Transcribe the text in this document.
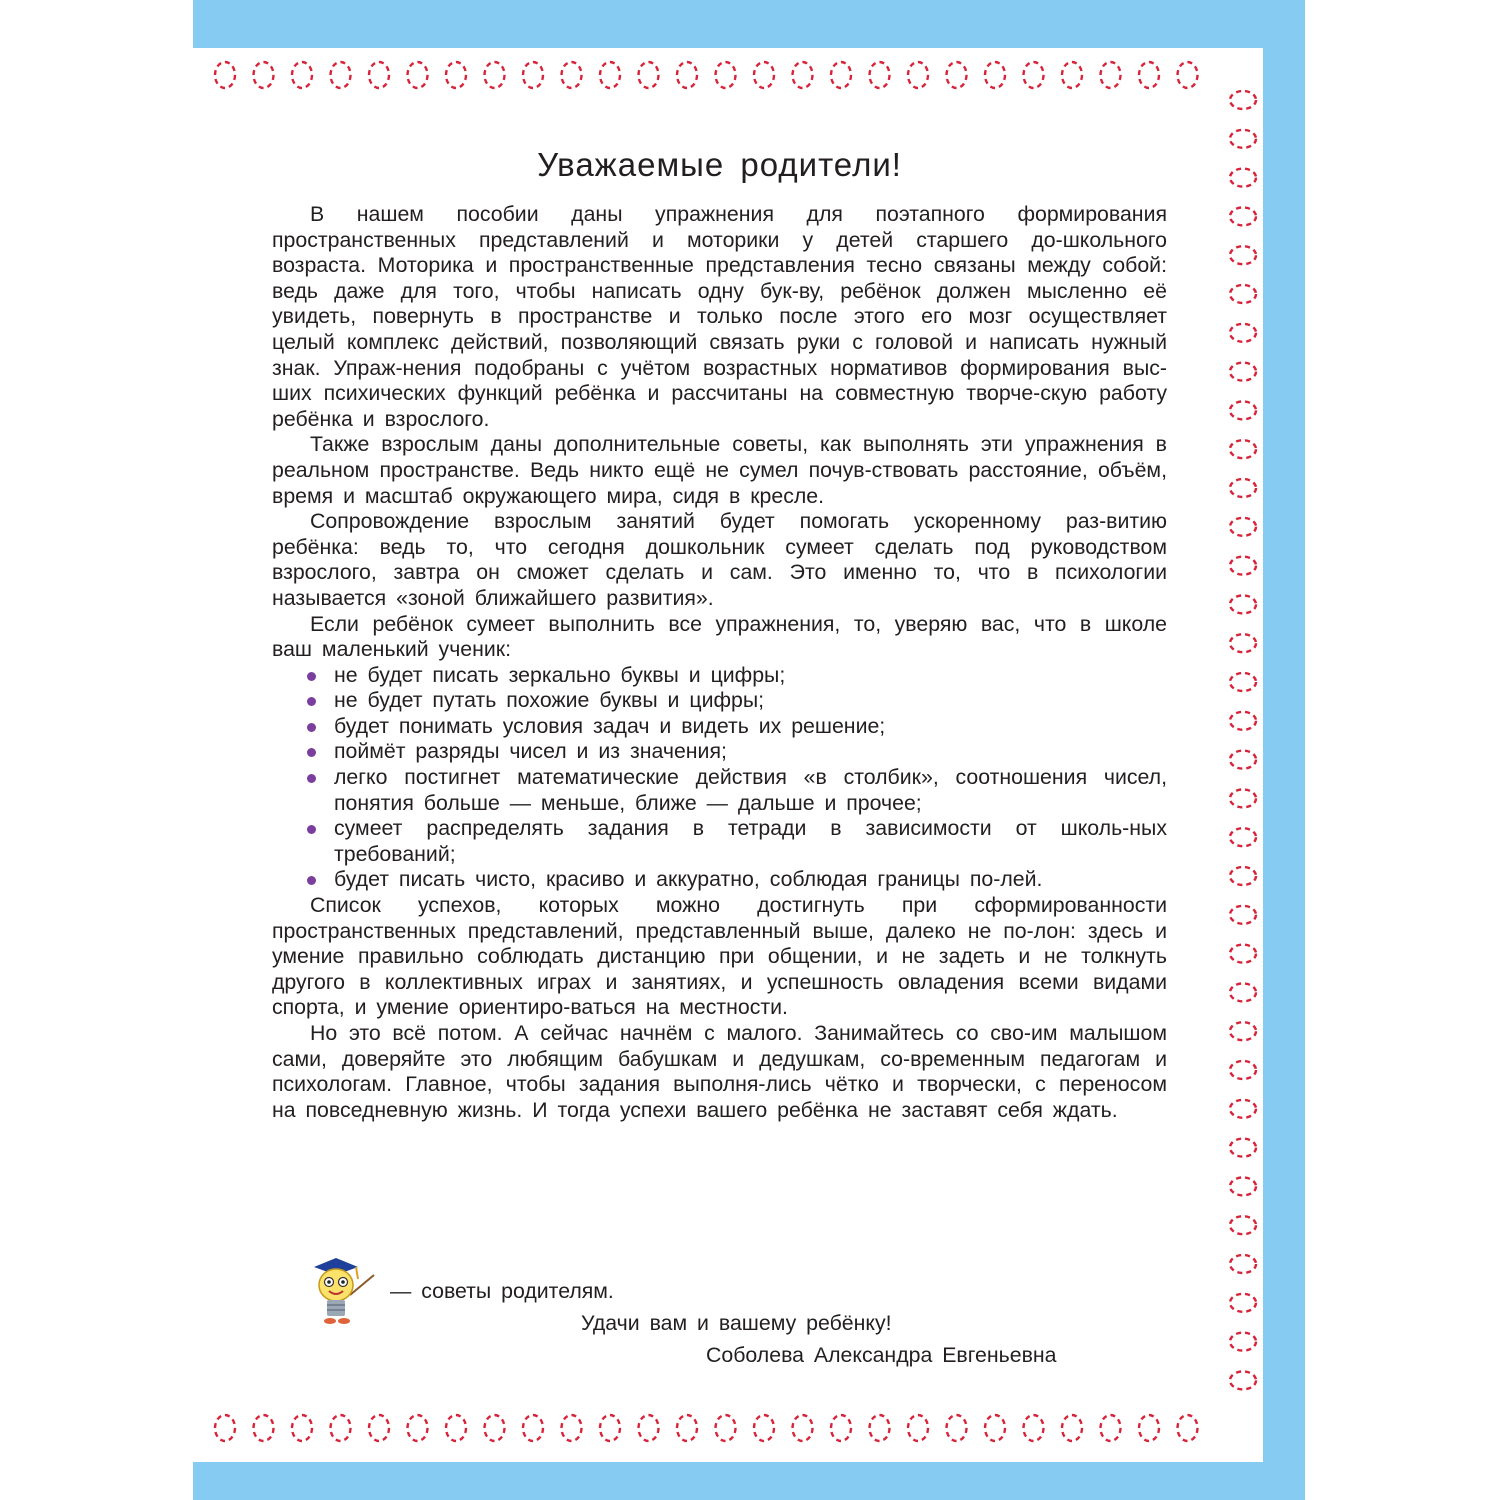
Уважаемые родители!

В нашем пособии даны упражнения для поэтапного формирования пространственных представлений и моторики у детей старшего до-школьного возраста. Моторика и пространственные представления тесно связаны между собой: ведь даже для того, чтобы написать одну бук-ву, ребёнок должен мысленно её увидеть, повернуть в пространстве и только после этого его мозг осуществляет целый комплекс действий, позволяющий связать руки с головой и написать нужный знак. Упраж-нения подобраны с учётом возрастных нормативов формирования выс-ших психических функций ребёнка и рассчитаны на совместную творче-скую работу ребёнка и взрослого.

Также взрослым даны дополнительные советы, как выполнять эти упражнения в реальном пространстве. Ведь никто ещё не сумел почув-ствовать расстояние, объём, время и масштаб окружающего мира, сидя в кресле.

Сопровождение взрослым занятий будет помогать ускоренному раз-витию ребёнка: ведь то, что сегодня дошкольник сумеет сделать под руководством взрослого, завтра он сможет сделать и сам. Это именно то, что в психологии называется «зоной ближайшего развития».

Если ребёнок сумеет выполнить все упражнения, то, уверяю вас, что в школе ваш маленький ученик:

не будет писать зеркально буквы и цифры;
не будет путать похожие буквы и цифры;
будет понимать условия задач и видеть их решение;
поймёт разряды чисел и из значения;
легко постигнет математические действия «в столбик», соотношения чисел, понятия больше — меньше, ближе — дальше и прочее;
сумеет распределять задания в тетради в зависимости от школь-ных требований;
будет писать чисто, красиво и аккуратно, соблюдая границы по-лей.

Список успехов, которых можно достигнуть при сформированности пространственных представлений, представленный выше, далеко не по-лон: здесь и умение правильно соблюдать дистанцию при общении, и не задеть и не толкнуть другого в коллективных играх и занятиях, и успешность овладения всеми видами спорта, и умение ориентиро-ваться на местности.

Но это всё потом. А сейчас начнём с малого. Занимайтесь со сво-им малышом сами, доверяйте это любящим бабушкам и дедушкам, со-временным педагогам и психологам. Главное, чтобы задания выполня-лись чётко и творчески, с переносом на повседневную жизнь. И тогда успехи вашего ребёнка не заставят себя ждать.

— советы родителям.
Удачи вам и вашему ребёнку!
Соболева Александра Евгеньевна
